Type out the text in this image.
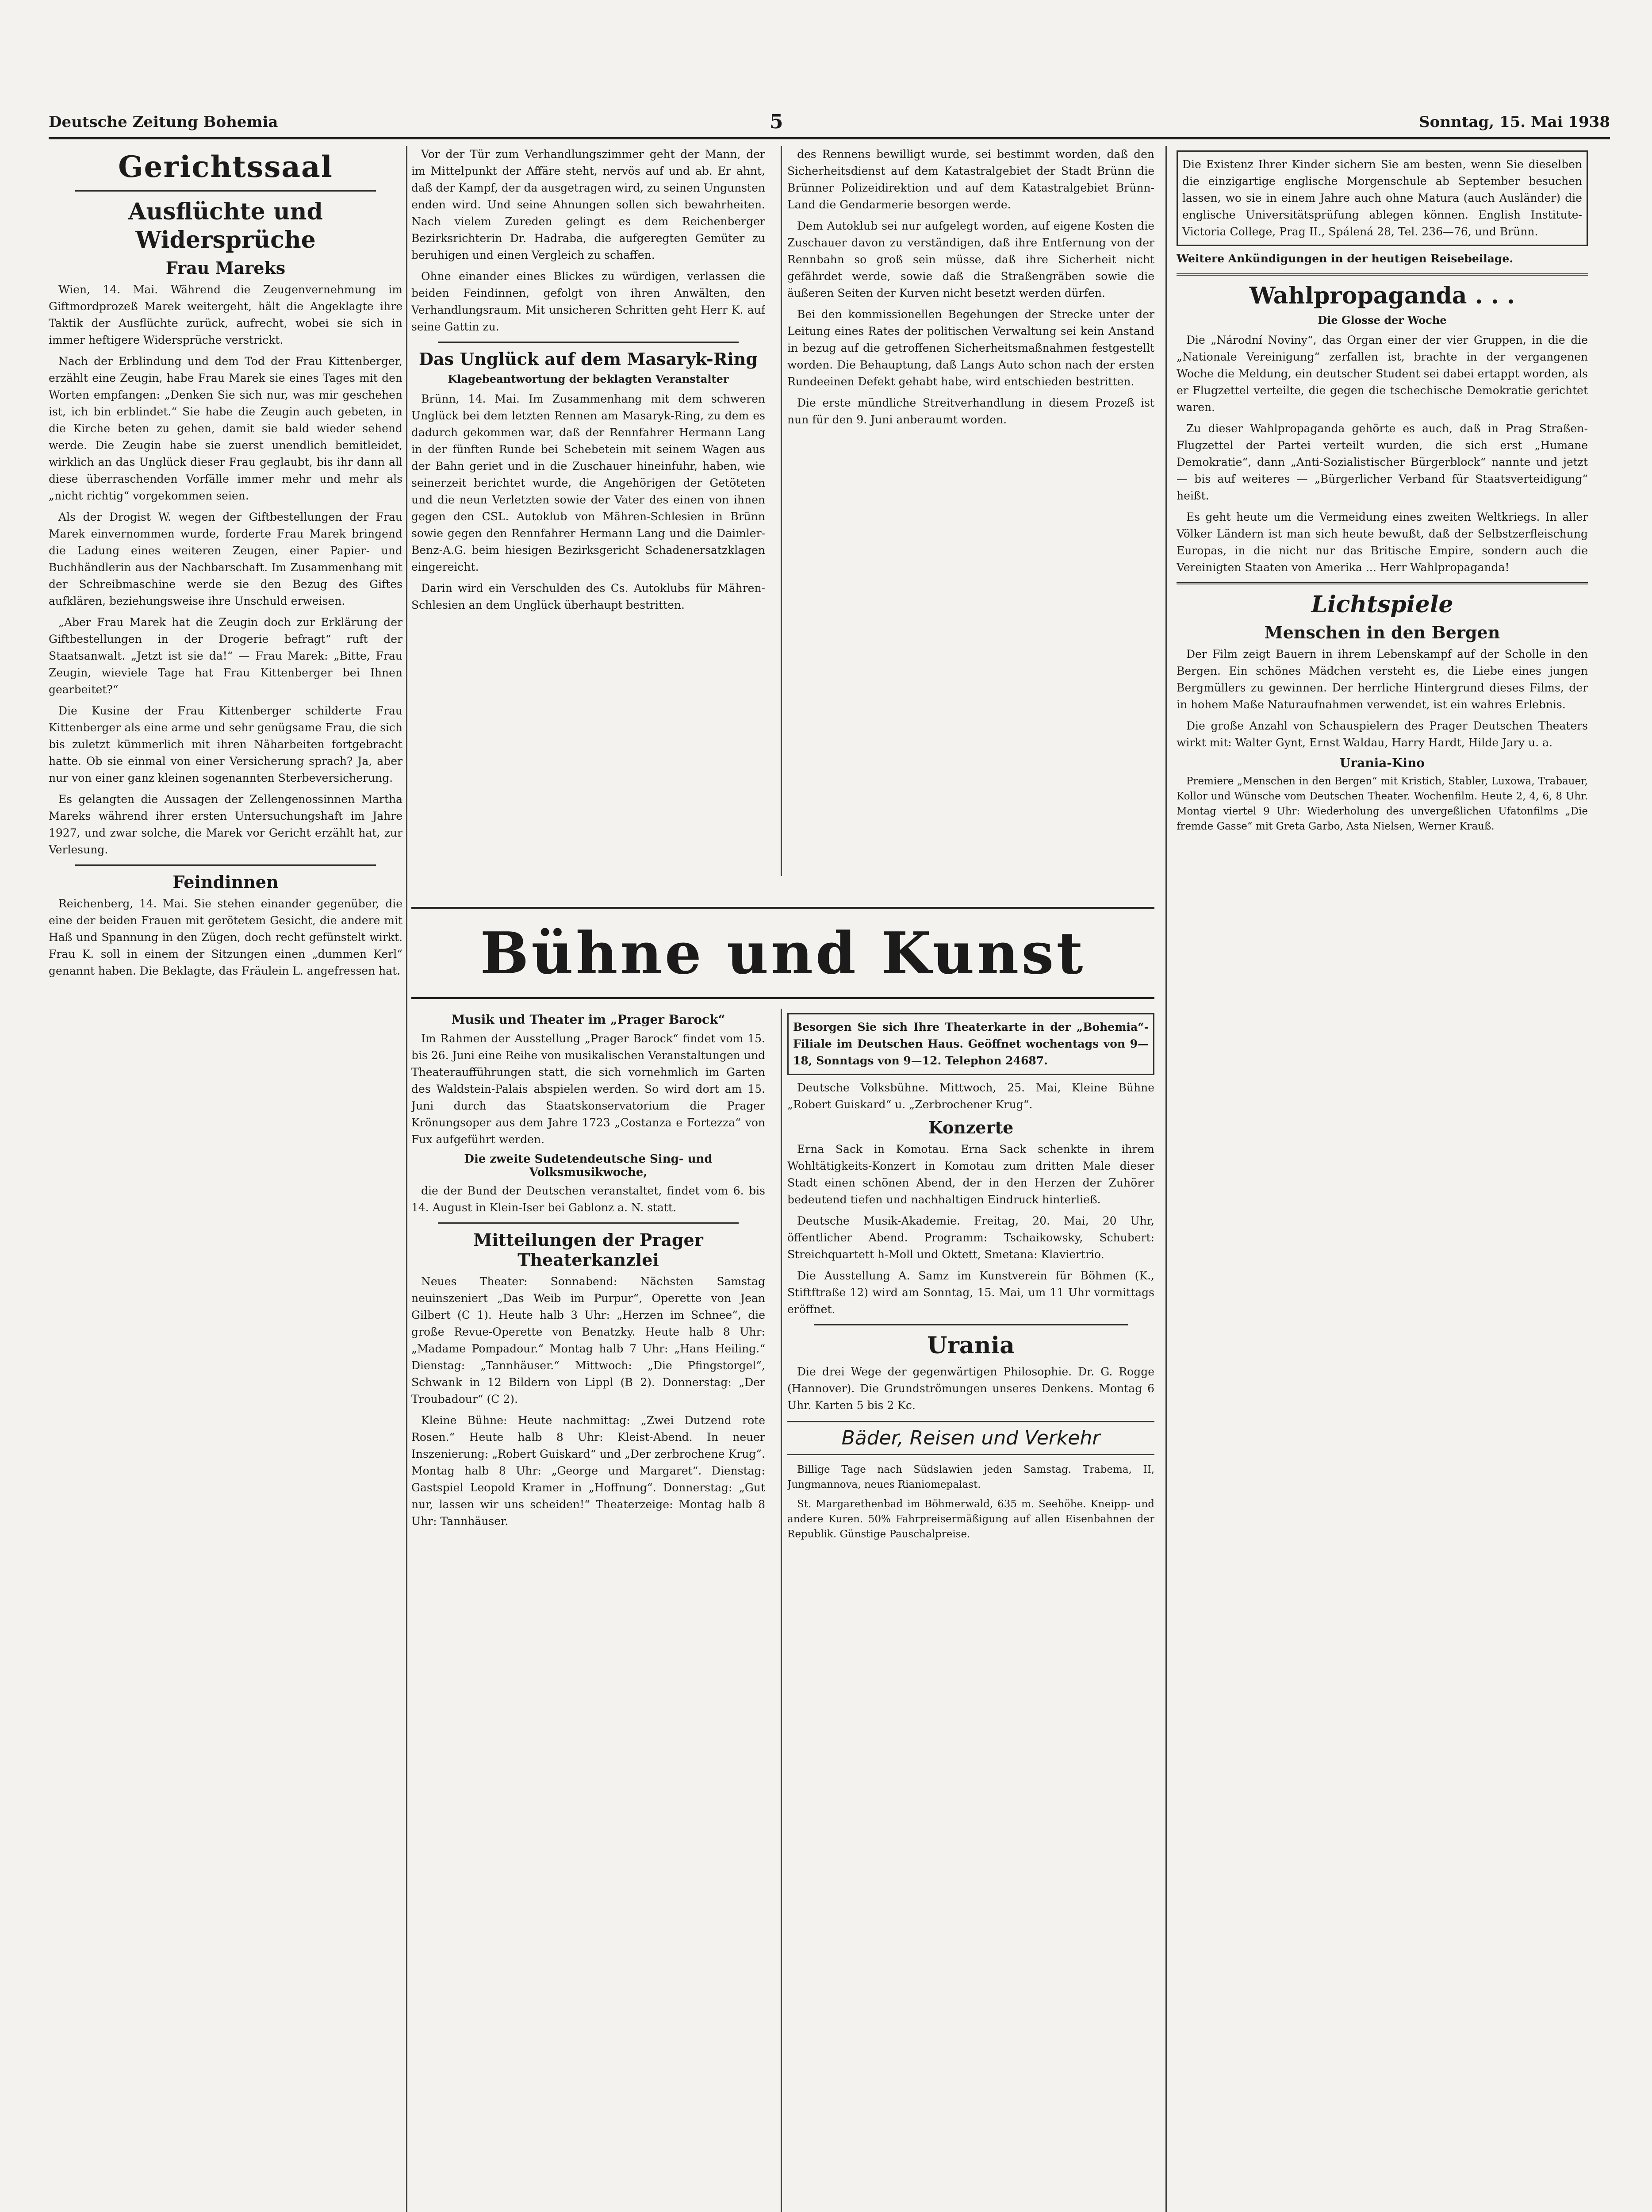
Deutsche Zeitung Bohemia	5	Sonntag, 15. Mai 1938
Gerichtssaal
Ausflüchte und Widersprüche
Frau Mareks

Wien, 14. Mai. Während die Zeugenvernehmung im Giftmordprozeß Marek weitergeht, hält die Angeklagte ihre Taktik der Ausflüchte zurück, aufrecht, wobei sie sich in immer heftigere Widersprüche verstrickt.

Nach der Erblindung und dem Tod der Frau Kittenberger, erzählt eine Zeugin, habe Frau Marek sie eines Tages mit den Worten empfangen: „Denken Sie sich nur, was mir geschehen ist, ich bin erblindet.“ Sie habe die Zeugin auch gebeten, in die Kirche beten zu gehen, damit sie bald wieder sehend werde. Die Zeugin habe sie zuerst unendlich bemitleidet, wirklich an das Unglück dieser Frau geglaubt, bis ihr dann all diese überraschenden Vorfälle immer mehr und mehr als „nicht richtig“ vorgekommen seien.

Als der Drogist W. wegen der Giftbestellungen der Frau Marek einvernommen wurde, forderte Frau Marek bringend die Ladung eines weiteren Zeugen, einer Papier- und Buchhändlerin aus der Nachbarschaft. Im Zusammenhang mit der Schreibmaschine werde sie den Bezug des Giftes aufklären, beziehungsweise ihre Unschuld erweisen.

„Aber Frau Marek hat die Zeugin doch zur Erklärung der Giftbestellungen in der Drogerie befragt“ ruft der Staatsanwalt. „Jetzt ist sie da!“ — Frau Marek: „Bitte, Frau Zeugin, wieviele Tage hat Frau Kittenberger bei Ihnen gearbeitet?“

Die Kusine der Frau Kittenberger schilderte Frau Kittenberger als eine arme und sehr genügsame Frau, die sich bis zuletzt kümmerlich mit ihren Näharbeiten fortgebracht hatte. Ob sie einmal von einer Versicherung sprach? Ja, aber nur von einer ganz kleinen sogenannten Sterbeversicherung.

Es gelangten die Aussagen der Zellengenossinnen Martha Mareks während ihrer ersten Untersuchungshaft im Jahre 1927, und zwar solche, die Marek vor Gericht erzählt hat, zur Verlesung.

Feindinnen

Reichenberg, 14. Mai. Sie stehen einander gegenüber, die eine der beiden Frauen mit gerötetem Gesicht, die andere mit Haß und Spannung in den Zügen, doch recht gefünstelt wirkt. Frau K. soll in einem der Sitzungen einen „dummen Kerl“ genannt haben. Die Beklagte, das Fräulein L. angefressen hat.

Vor der Tür zum Verhandlungszimmer geht der Mann, der im Mittelpunkt der Affäre steht, nervös auf und ab. Er ahnt, daß der Kampf, der da ausgetragen wird, zu seinen Ungunsten enden wird. Und seine Ahnungen sollen sich bewahrheiten. Nach vielem Zureden gelingt es dem Reichenberger Bezirksrichterin Dr. Hadraba, die aufgeregten Gemüter zu beruhigen und einen Vergleich zu schaffen.

Ohne einander eines Blickes zu würdigen, verlassen die beiden Feindinnen, gefolgt von ihren Anwälten, den Verhandlungsraum. Mit unsicheren Schritten geht Herr K. auf seine Gattin zu.

Das Unglück auf dem Masaryk-Ring
Klagebeantwortung der beklagten Veranstalter

Brünn, 14. Mai. Im Zusammenhang mit dem schweren Unglück bei dem letzten Rennen am Masaryk-Ring, zu dem es dadurch gekommen war, daß der Rennfahrer Hermann Lang in der fünften Runde bei Schebetein mit seinem Wagen aus der Bahn geriet und in die Zuschauer hineinfuhr, haben, wie seinerzeit berichtet wurde, die Angehörigen der Getöteten und die neun Verletzten sowie der Vater des einen von ihnen gegen den CSL. Autoklub von Mähren-Schlesien in Brünn sowie gegen den Rennfahrer Hermann Lang und die Daimler-Benz-A.G. beim hiesigen Bezirksgericht Schadenersatzklagen eingereicht.

Darin wird ein Verschulden des Cs. Autoklubs für Mähren-Schlesien an dem Unglück überhaupt bestritten.

des Rennens bewilligt wurde, sei bestimmt worden, daß den Sicherheitsdienst auf dem Katastralgebiet der Stadt Brünn die Brünner Polizeidirektion und auf dem Katastralgebiet Brünn-Land die Gendarmerie besorgen werde.

Dem Autoklub sei nur aufgelegt worden, auf eigene Kosten die Zuschauer davon zu verständigen, daß ihre Entfernung von der Rennbahn so groß sein müsse, daß ihre Sicherheit nicht gefährdet werde, sowie daß die Straßengräben sowie die äußeren Seiten der Kurven nicht besetzt werden dürfen.

Bei den kommissionellen Begehungen der Strecke unter der Leitung eines Rates der politischen Verwaltung sei kein Anstand in bezug auf die getroffenen Sicherheitsmaßnahmen festgestellt worden. Die Behauptung, daß Langs Auto schon nach der ersten Rundeeinen Defekt gehabt habe, wird entschieden bestritten.

Die erste mündliche Streitverhandlung in diesem Prozeß ist nun für den 9. Juni anberaumt worden.

Bühne und Kunst
Musik und Theater im „Prager Barock“

Im Rahmen der Ausstellung „Prager Barock“ findet vom 15. bis 26. Juni eine Reihe von musikalischen Veranstaltungen und Theateraufführungen statt, die sich vornehmlich im Garten des Waldstein-Palais abspielen werden. So wird dort am 15. Juni durch das Staatskonservatorium die Prager Krönungsoper aus dem Jahre 1723 „Costanza e Fortezza“ von Fux aufgeführt werden.

Die zweite Sudetendeutsche Sing- und Volksmusikwoche,

die der Bund der Deutschen veranstaltet, findet vom 6. bis 14. August in Klein-Iser bei Gablonz a. N. statt.

Mitteilungen der Prager Theaterkanzlei

Neues Theater: Sonnabend: Nächsten Samstag neuinszeniert „Das Weib im Purpur“, Operette von Jean Gilbert (C 1). Heute halb 3 Uhr: „Herzen im Schnee“, die große Revue-Operette von Benatzky. Heute halb 8 Uhr: „Madame Pompadour.“ Montag halb 7 Uhr: „Hans Heiling.“ Dienstag: „Tannhäuser.“ Mittwoch: „Die Pfingstorgel“, Schwank in 12 Bildern von Lippl (B 2). Donnerstag: „Der Troubadour“ (C 2).

Kleine Bühne: Heute nachmittag: „Zwei Dutzend rote Rosen.“ Heute halb 8 Uhr: Kleist-Abend. In neuer Inszenierung: „Robert Guiskard“ und „Der zerbrochene Krug“. Montag halb 8 Uhr: „George und Margaret“. Dienstag: Gastspiel Leopold Kramer in „Hoffnung“. Donnerstag: „Gut nur, lassen wir uns scheiden!“ Theaterzeige: Montag halb 8 Uhr: Tannhäuser.

Besorgen Sie sich Ihre Theaterkarte in der „Bohemia“-Filiale im Deutschen Haus. Geöffnet wochentags von 9—18, Sonntags von 9—12. Telephon 24687.

Deutsche Volksbühne. Mittwoch, 25. Mai, Kleine Bühne „Robert Guiskard“ u. „Zerbrochener Krug“.

Konzerte

Erna Sack in Komotau. Erna Sack schenkte in ihrem Wohltätigkeits-Konzert in Komotau zum dritten Male dieser Stadt einen schönen Abend, der in den Herzen der Zuhörer bedeutend tiefen und nachhaltigen Eindruck hinterließ.

Deutsche Musik-Akademie. Freitag, 20. Mai, 20 Uhr, öffentlicher Abend. Programm: Tschaikowsky, Schubert: Streichquartett h-Moll und Oktett, Smetana: Klaviertrio.

Die Ausstellung A. Samz im Kunstverein für Böhmen (K., Stiftftraße 12) wird am Sonntag, 15. Mai, um 11 Uhr vormittags eröffnet.

Urania

Die drei Wege der gegenwärtigen Philosophie. Dr. G. Rogge (Hannover). Die Grundströmungen unseres Denkens. Montag 6 Uhr. Karten 5 bis 2 Kc.

Bäder, Reisen und Verkehr

Billige Tage nach Südslawien jeden Samstag. Trabema, II, Jungmannova, neues Rianiomepalast.

St. Margarethenbad im Böhmerwald, 635 m. Seehöhe. Kneipp- und andere Kuren. 50% Fahrpreisermäßigung auf allen Eisenbahnen der Republik. Günstige Pauschalpreise.

Die Existenz Ihrer Kinder sichern Sie am besten, wenn Sie dieselben die einzigartige englische Morgenschule ab September besuchen lassen, wo sie in einem Jahre auch ohne Matura (auch Ausländer) die englische Universitätsprüfung ablegen können. English Institute-Victoria College, Prag II., Spálená 28, Tel. 236—76, und Brünn.

Weitere Ankündigungen in der heutigen Reisebeilage.

Wahlpropaganda . . .
Die Glosse der Woche

Die „Národní Noviny“, das Organ einer der vier Gruppen, in die die „Nationale Vereinigung“ zerfallen ist, brachte in der vergangenen Woche die Meldung, ein deutscher Student sei dabei ertappt worden, als er Flugzettel verteilte, die gegen die tschechische Demokratie gerichtet waren.

Zu dieser Wahlpropaganda gehörte es auch, daß in Prag Straßen-Flugzettel der Partei verteilt wurden, die sich erst „Humane Demokratie“, dann „Anti-Sozialistischer Bürgerblock“ nannte und jetzt — bis auf weiteres — „Bürgerlicher Verband für Staatsverteidigung“ heißt.

Es geht heute um die Vermeidung eines zweiten Weltkriegs. In aller Völker Ländern ist man sich heute bewußt, daß der Selbstzerfleischung Europas, in die nicht nur das Britische Empire, sondern auch die Vereinigten Staaten von Amerika ... Herr Wahlpropaganda!

Lichtspiele
Menschen in den Bergen

Der Film zeigt Bauern in ihrem Lebenskampf auf der Scholle in den Bergen. Ein schönes Mädchen versteht es, die Liebe eines jungen Bergmüllers zu gewinnen. Der herrliche Hintergrund dieses Films, der in hohem Maße Naturaufnahmen verwendet, ist ein wahres Erlebnis.

Die große Anzahl von Schauspielern des Prager Deutschen Theaters wirkt mit: Walter Gynt, Ernst Waldau, Harry Hardt, Hilde Jary u. a.

Urania-Kino

Premiere „Menschen in den Bergen“ mit Kristich, Stabler, Luxowa, Trabauer, Kollor und Wünsche vom Deutschen Theater. Wochenfilm. Heute 2, 4, 6, 8 Uhr. Montag viertel 9 Uhr: Wiederholung des unvergeßlichen Ufatonfilms „Die fremde Gasse“ mit Greta Garbo, Asta Nielsen, Werner Krauß.
